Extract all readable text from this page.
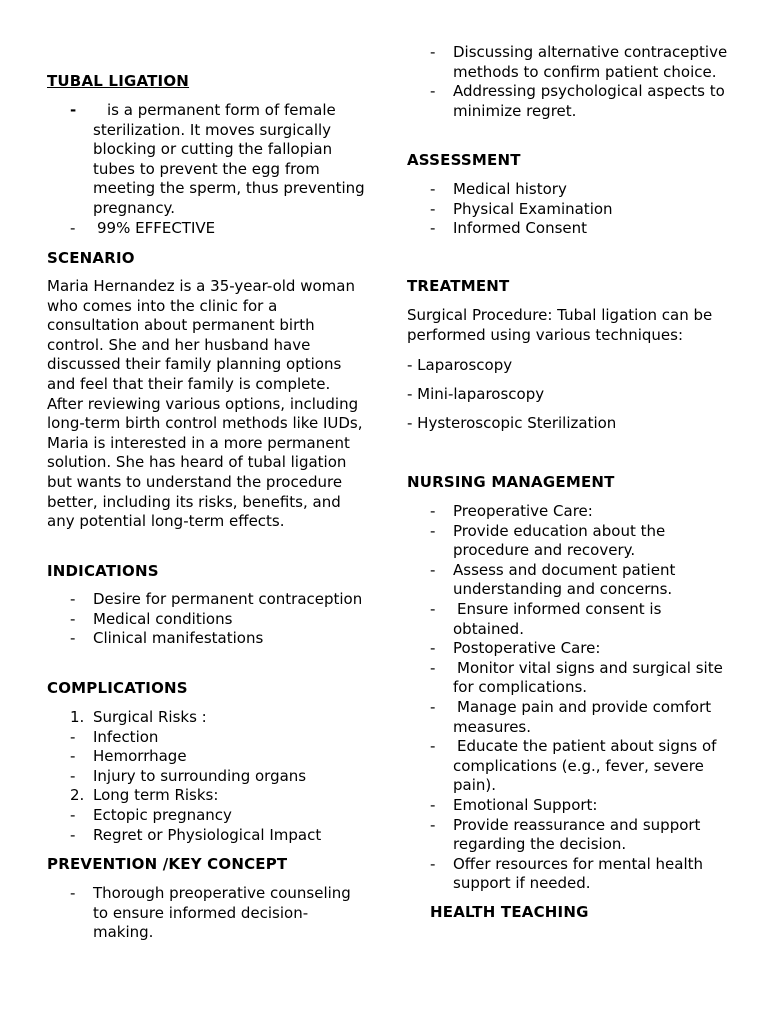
TUBAL LIGATION
- is a permanent form of female sterilization. It moves surgically blocking or cutting the fallopian tubes to prevent the egg from meeting the sperm, thus preventing pregnancy.
- 99% EFFECTIVE
SCENARIO

Maria Hernandez is a 35-year-old woman who comes into the clinic for a consultation about permanent birth control. She and her husband have discussed their family planning options and feel that their family is complete. After reviewing various options, including long-term birth control methods like IUDs, Maria is interested in a more permanent solution. She has heard of tubal ligation but wants to understand the procedure better, including its risks, benefits, and any potential long-term effects.

INDICATIONS
- Desire for permanent contraception
- Medical conditions
- Clinical manifestations
COMPLICATIONS
1. Surgical Risks :
- Infection
- Hemorrhage
- Injury to surrounding organs
2. Long term Risks:
- Ectopic pregnancy
- Regret or Physiological Impact
PREVENTION /KEY CONCEPT
- Thorough preoperative counseling to ensure informed decision-making.
- Discussing alternative contraceptive methods to confirm patient choice.
- Addressing psychological aspects to minimize regret.
ASSESSMENT
- Medical history
- Physical Examination
- Informed Consent
TREATMENT

Surgical Procedure: Tubal ligation can be performed using various techniques:

- Laparoscopy
- Mini-laparoscopy
- Hysteroscopic Sterilization
NURSING MANAGEMENT
- Preoperative Care:
- Provide education about the procedure and recovery.
- Assess and document patient understanding and concerns.
- Ensure informed consent is obtained.
- Postoperative Care:
- Monitor vital signs and surgical site for complications.
- Manage pain and provide comfort measures.
- Educate the patient about signs of complications (e.g., fever, severe pain).
- Emotional Support:
- Provide reassurance and support regarding the decision.
- Offer resources for mental health support if needed.
HEALTH TEACHING
